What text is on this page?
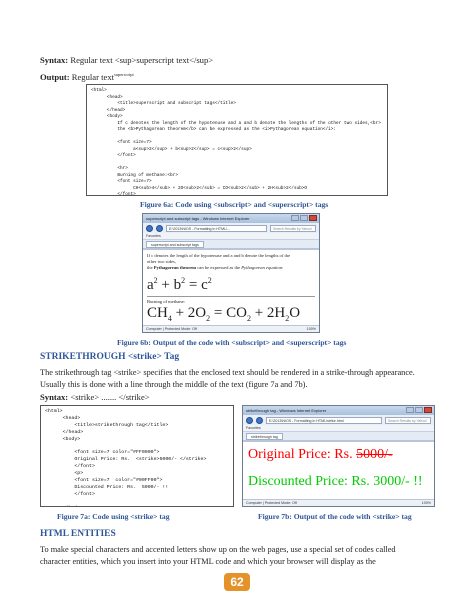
Syntax: Regular text <sup>superscript text</sup>
Output: Regular text$^{superscript}$
<html>
<head>
<title>superscript and subscript tags</title>
</head>
<body>
If c denotes the length of the hypotenuse and a and b denote the lengths of the other two sides,<br>
the <b>Pythagorean theorem</b> can be expressed as the <i>Pythagorean equation</i>:

<font size=7>
a<sup>2</sup> + b<sup>2</sup> = c<sup>2</sup>
</font>

<hr>
Burning of methane:<br>
<font size=7>
CH<sub>4</sub> + 2O<sub>2</sub> = CO<sub>2</sub> + 2H<sub>2</sub>O
</font>

Figure 6a: Code using <subscript> and <superscript> tags
superscript and subscript tags - Windows Internet Explorer
E:\2013\NIOS - Formatting in HTML\...	Search Results by Yahoo!
Favorites
superscript and subscript tags
If c denotes the length of the hypotenuse and a and b denote the lengths of the
other two sides,
the Pythagorean theorem can be expressed as the Pythagorean equation:
$a^2 + b^2 = c^2$
Burning of methane:
$CH_4 + 2O_2 = CO_2 + 2H_2O$
Computer | Protected Mode: Off	100%
Figure 6b: Output of the code with <subscript> and <superscript> tags
STRIKETHROUGH <strike> Tag
The strikethrough tag <strike> specifies that the enclosed text should be rendered in a strike-through appearance.
Usually this is done with a line through the middle of the text (figure 7a and 7b).
Syntax: <strike> ....... </strike>
<html>
<head>
<title>strikethrough tag</title>
</head>
<body>

<font size=7 color="#FF0000">
Original Price: Rs.  <strike>5000/- </strike>
</font>
<p>
<font size=7  color="#00FF00">
Discounted Price: Rs.  5000/- !!
</font>

strikethrough tag - Windows Internet Explorer
E:\2013\NIOS - Formatting in HTML\strike.html	Search Results by Yahoo!
Favorites
strikethrough tag
Original Price: Rs. 5000/-
Discounted Price: Rs. 3000/- !!
Computer | Protected Mode: Off	100%
Figure 7a: Code using <strike> tag	Figure 7b: Output of the code with <strike> tag
HTML ENTITIES
To make special characters and accented letters show up on the web pages, use a special set of codes called
character entities, which you insert into your HTML code and which your browser will display as the
62
